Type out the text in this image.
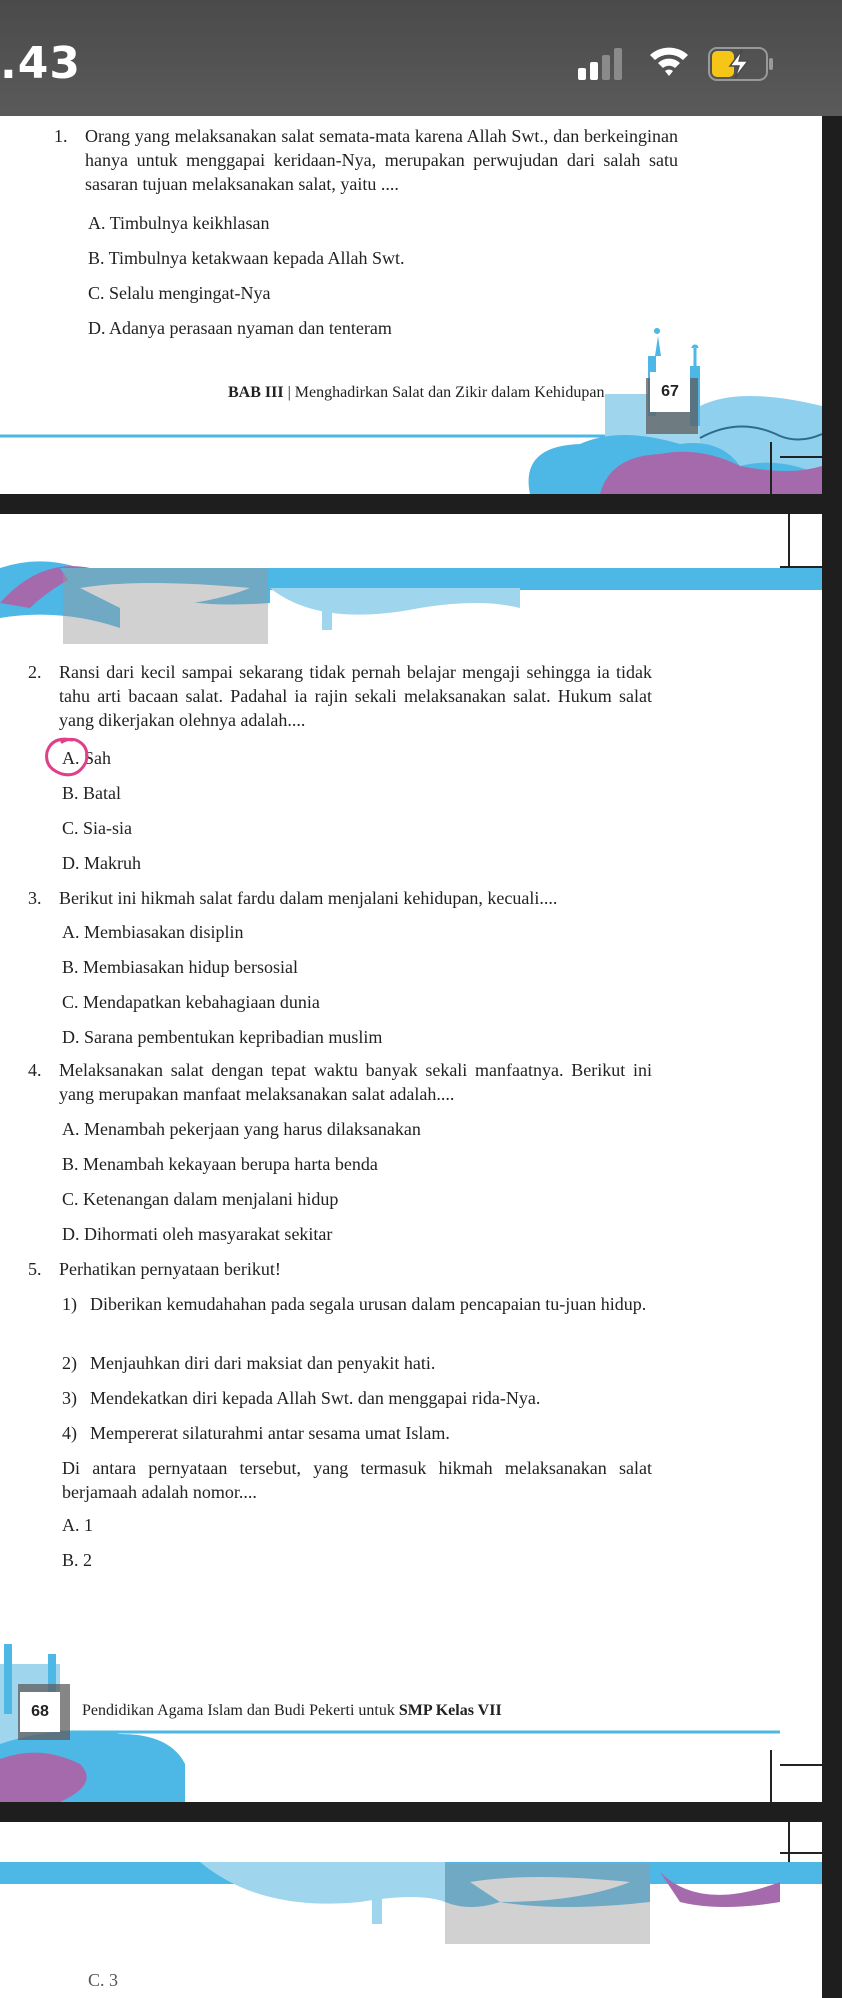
.43
1. Orang yang melaksanakan salat semata-mata karena Allah Swt., dan berkeinginan hanya untuk menggapai keridaan-Nya, merupakan perwujudan dari salah satu sasaran tujuan melaksanakan salat, yaitu ....
A. Timbulnya keikhlasan
B. Timbulnya ketakwaan kepada Allah Swt.
C. Selalu mengingat-Nya
D. Adanya perasaan nyaman dan tenteram
BAB III | Menghadirkan Salat dan Zikir dalam Kehidupan	67
2. Ransi dari kecil sampai sekarang tidak pernah belajar mengaji sehingga ia tidak tahu arti bacaan salat. Padahal ia rajin sekali melaksanakan salat. Hukum salat yang dikerjakan olehnya adalah....
A. Sah
B. Batal
C. Sia-sia
D. Makruh
3. Berikut ini hikmah salat fardu dalam menjalani kehidupan, kecuali....
A. Membiasakan disiplin
B. Membiasakan hidup bersosial
C. Mendapatkan kebahagiaan dunia
D. Sarana pembentukan kepribadian muslim
4. Melaksanakan salat dengan tepat waktu banyak sekali manfaatnya. Berikut ini yang merupakan manfaat melaksanakan salat adalah....
A. Menambah pekerjaan yang harus dilaksanakan
B. Menambah kekayaan berupa harta benda
C. Ketenangan dalam menjalani hidup
D. Dihormati oleh masyarakat sekitar
5. Perhatikan pernyataan berikut!
1) Diberikan kemudahahan pada segala urusan dalam pencapaian tu-juan hidup.
2) Menjauhkan diri dari maksiat dan penyakit hati.
3) Mendekatkan diri kepada Allah Swt. dan menggapai rida-Nya.
4) Mempererat silaturahmi antar sesama umat Islam.
Di antara pernyataan tersebut, yang termasuk hikmah melaksanakan salat berjamaah adalah nomor....
A. 1
B. 2
68	Pendidikan Agama Islam dan Budi Pekerti untuk SMP Kelas VII
C. 3
